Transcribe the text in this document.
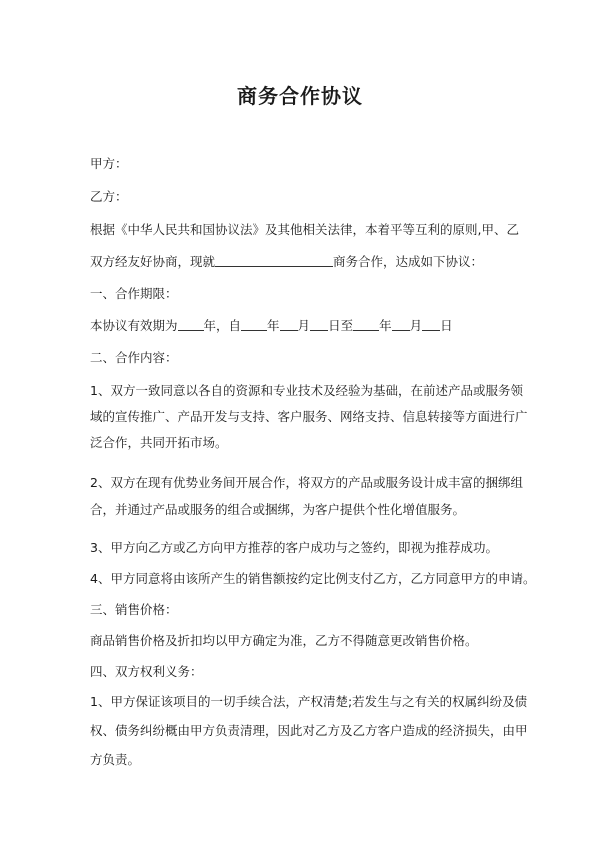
商务合作协议
甲方：
乙方：
根据《中华人民共和国协议法》及其他相关法律，本着平等互利的原则,甲、乙
双方经友好协商，现就	商务合作，达成如下协议：
一、合作期限：
本协议有效期为 年，自 年 月 日至 年 月 日
二、合作内容：
1、双方一致同意以各自的资源和专业技术及经验为基础，在前述产品或服务领
域的宣传推广、产品开发与支持、客户服务、网络支持、信息转接等方面进行广
泛合作，共同开拓市场。
2、双方在现有优势业务间开展合作，将双方的产品或服务设计成丰富的捆绑组
合，并通过产品或服务的组合或捆绑，为客户提供个性化增值服务。
3、甲方向乙方或乙方向甲方推荐的客户成功与之签约，即视为推荐成功。
4、甲方同意将由该所产生的销售额按约定比例支付乙方，乙方同意甲方的申请。
三、销售价格：
商品销售价格及折扣均以甲方确定为准，乙方不得随意更改销售价格。
四、双方权利义务：
1、甲方保证该项目的一切手续合法，产权清楚;若发生与之有关的权属纠纷及债
权、债务纠纷概由甲方负责清理，因此对乙方及乙方客户造成的经济损失，由甲
方负责。
